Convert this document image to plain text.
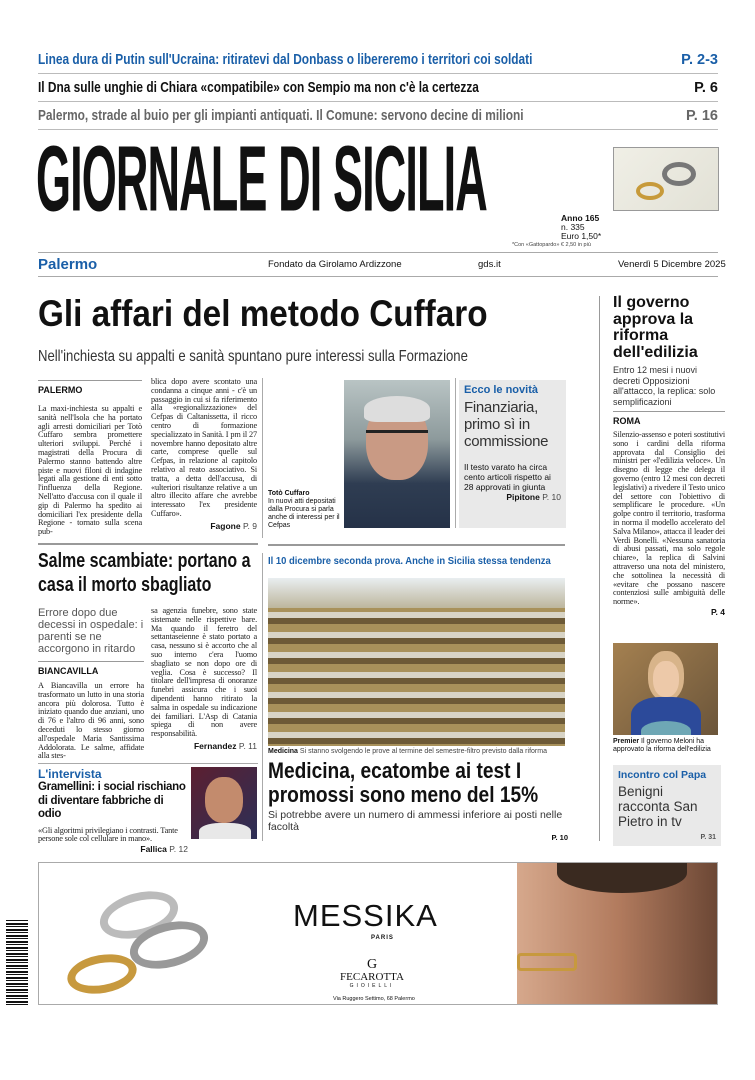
Linea dura di Putin sull'Ucraina: ritiratevi dal Donbass o libereremo i territori coi soldati	P. 2-3
Il Dna sulle unghie di Chiara «compatibile» con Sempio ma non c'è la certezza	P. 6
Palermo, strade al buio per gli impianti antiquati. Il Comune: servono decine di milioni	P. 16
GIORNALE DI SICILIA	Anno 165
n. 335
Euro 1,50*
*Con «Gattopardo» € 2,50 in più
Palermo	Fondato da Girolamo Ardizzone	gds.it	Venerdì 5 Dicembre 2025
Gli affari del metodo Cuffaro
Nell'inchiesta su appalti e sanità spuntano pure interessi sulla Formazione
PALERMO
La maxi-inchiesta su appalti e sanità nell'Isola che ha portato agli arresti domiciliari per Totò Cuffaro sembra promettere ulteriori sviluppi. Perché i magistrati della Procura di Palermo stanno battendo altre piste e nuovi filoni di indagine legati alla gestione di enti sotto l'influenza della Regione. Nell'atto d'accusa con il quale il gip di Palermo ha spedito ai domiciliari l'ex presidente della Regione - tornato sulla scena pub-
blica dopo avere scontato una condanna a cinque anni - c'è un passaggio in cui si fa riferimento alla «regionalizzazione» del Cefpas di Caltanissetta, il ricco centro di formazione specializzato in Sanità. I pm il 27 novembre hanno depositato altre carte, comprese quelle sul Cefpas, in relazione al capitolo relativo al reato associativo. Si tratta, a detta dell'accusa, di «ulteriori risultanze relative a un altro illecito affare che avrebbe interessato l'ex presidente Cuffaro».
Fagone P. 9
Totò Cuffaro
In nuovi atti depositati dalla Procura si parla anche di interessi per il Cefpas
Ecco le novità
Finanziaria, primo sì in commissione
Il testo varato ha circa cento articoli rispetto ai 28 approvati in giunta
Pipitone P. 10
Salme scambiate: portano a casa il morto sbagliato
Errore dopo due decessi in ospedale: i parenti se ne accorgono in ritardo
BIANCAVILLA
A Biancavilla un errore ha trasformato un lutto in una storia ancora più dolorosa. Tutto è iniziato quando due anziani, uno di 76 e l'altro di 96 anni, sono deceduti lo stesso giorno all'ospedale Maria Santissima Addolorata. Le salme, affidate alla stes-
sa agenzia funebre, sono state sistemate nelle rispettive bare. Ma quando il feretro del settantaseienne è stato portato a casa, nessuno si è accorto che al suo interno c'era l'uomo sbagliato se non dopo ore di veglia. Cosa è successo? Il titolare dell'impresa di onoranze funebri assicura che i suoi dipendenti hanno ritirato la salma in ospedale su indicazione dei familiari. L'Asp di Catania spiega di non avere responsabilità.
Fernandez P. 11
L'intervista
Gramellini: i social rischiano di diventare fabbriche di odio
«Gli algoritmi privilegiano i contrasti. Tante persone sole col cellulare in mano».
Fallica P. 12
Il 10 dicembre seconda prova. Anche in Sicilia stessa tendenza
Medicina Si stanno svolgendo le prove al termine del semestre-filtro previsto dalla riforma
Medicina, ecatombe ai test I promossi sono meno del 15%
Si potrebbe avere un numero di ammessi inferiore ai posti nelle facoltà
P. 10
Il governo approva la riforma dell'edilizia
Entro 12 mesi i nuovi decreti Opposizioni all'attacco, la replica: solo semplificazioni
ROMA
Silenzio-assenso e poteri sostitutivi sono i cardini della riforma approvata dal Consiglio dei ministri per «l'edilizia veloce». Un disegno di legge che delega il governo (entro 12 mesi con decreti legislativi) a rivedere il Testo unico del settore con l'obiettivo di semplificare le procedure. «Un golpe contro il territorio, trasforma in norma il modello accelerato del Salva Milano», attacca il leader dei Verdi Bonelli. «Nessuna sanatoria di abusi passati, ma solo regole chiare», la replica di Salvini attraverso una nota del ministero, che sottolinea la necessità di «evitare che possano nascere contenziosi sulle ambiguità delle norme».
P. 4
Premier Il governo Meloni ha approvato la riforma dell'edilizia
Incontro col Papa
Benigni racconta San Pietro in tv
P. 31
MESSIKA
PARIS
G
FECAROTTA
GIOIELLI
Via Ruggero Settimo, 68 Palermo
